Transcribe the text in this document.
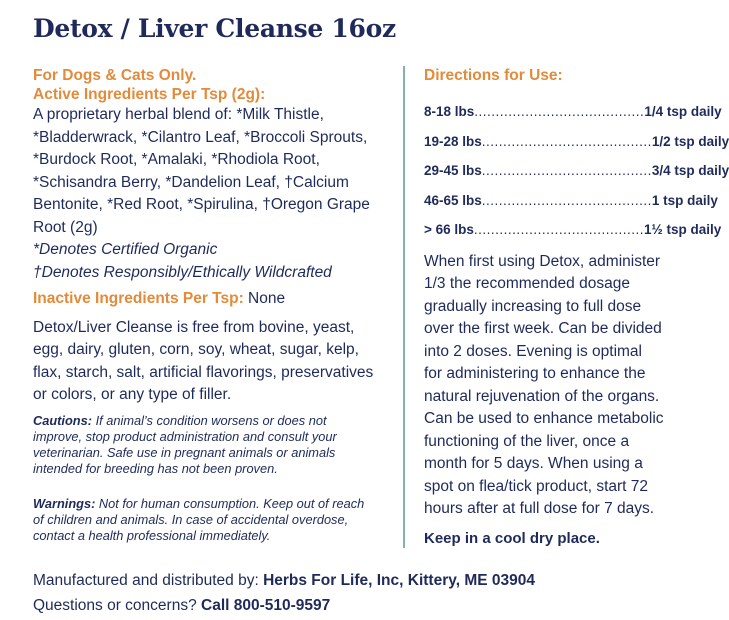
Detox / Liver Cleanse 16oz
For Dogs & Cats Only.
Active Ingredients Per Tsp (2g):

A proprietary herbal blend of: *Milk Thistle, *Bladderwrack, *Cilantro Leaf, *Broccoli Sprouts, *Burdock Root, *Amalaki, *Rhodiola Root, *Schisandra Berry, *Dandelion Leaf, †Calcium Bentonite, *Red Root, *Spirulina, †Oregon Grape Root (2g)

*Denotes Certified Organic

†Denotes Responsibly/Ethically Wildcrafted

Inactive Ingredients Per Tsp: None

Detox/Liver Cleanse is free from bovine, yeast, egg, dairy, gluten, corn, soy, wheat, sugar, kelp, flax, starch, salt, artificial flavorings, preservatives or colors, or any type of filler.

Cautions: If animal’s condition worsens or does not improve, stop product administration and consult your veterinarian. Safe use in pregnant animals or animals intended for breeding has not been proven.

Warnings: Not for human consumption. Keep out of reach of children and animals. In case of accidental overdose, contact a health professional immediately.

Directions for Use:
8-18 lbs ........................................ 1/4 tsp daily
19-28 lbs ........................................ 1/2 tsp daily
29-45 lbs ........................................ 3/4 tsp daily
46-65 lbs ........................................ 1 tsp daily
> 66 lbs ........................................ 1½ tsp daily

When first using Detox, administer 1/3 the recommended dosage gradually increasing to full dose over the first week. Can be divided into 2 doses. Evening is optimal for administering to enhance the natural rejuvenation of the organs. Can be used to enhance metabolic functioning of the liver, once a month for 5 days. When using a spot on flea/tick product, start 72 hours after at full dose for 7 days.

Keep in a cool dry place.

Manufactured and distributed by: Herbs For Life, Inc, Kittery, ME 03904
Questions or concerns? Call 800-510-9597
